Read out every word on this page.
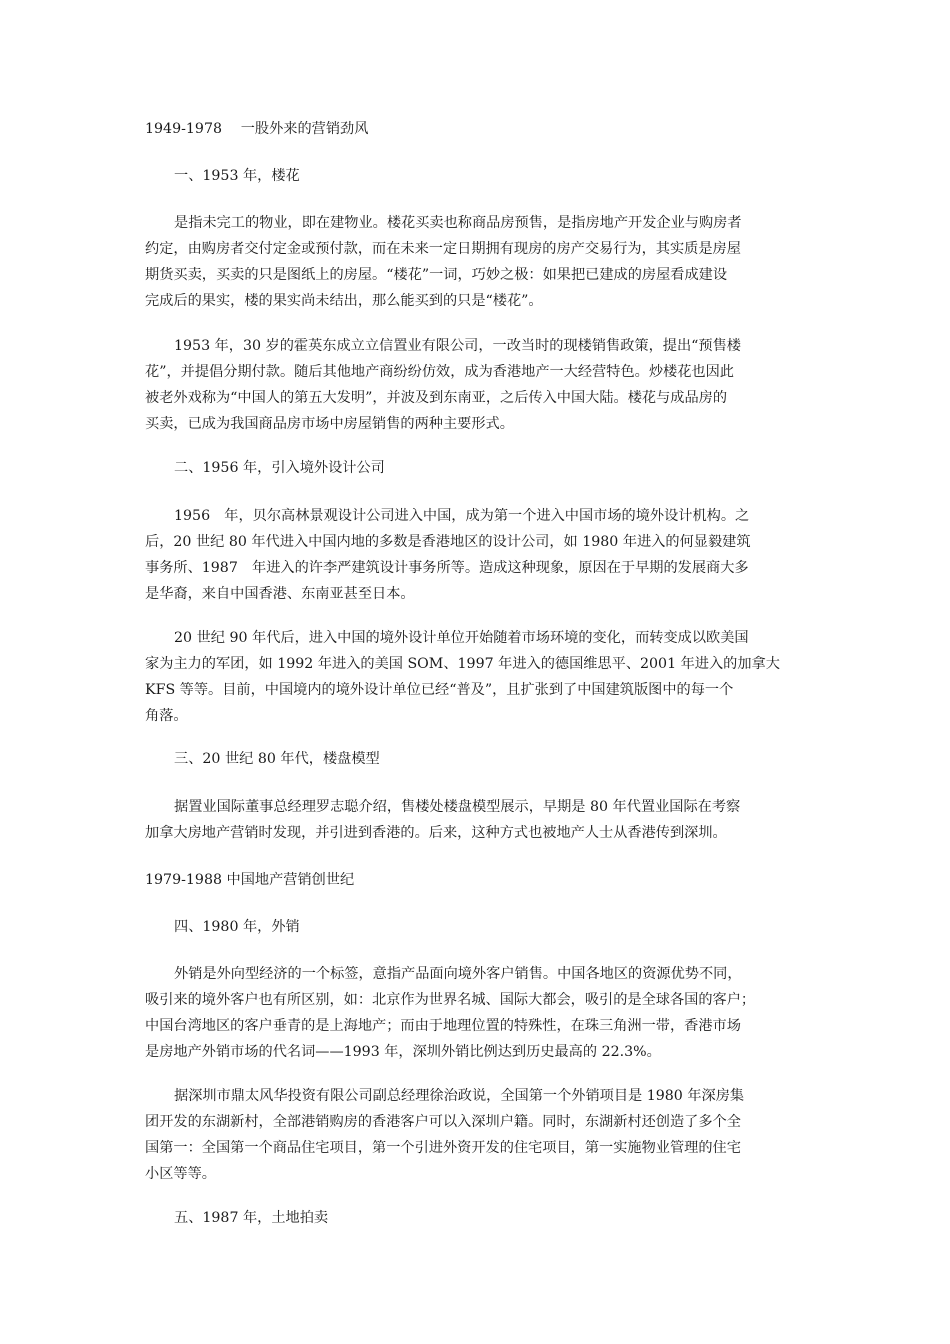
1949-1978　 一股外来的营销劲风

一、1953 年，楼花

是指未完工的物业，即在建物业。楼花买卖也称商品房预售，是指房地产开发企业与购房者
约定，由购房者交付定金或预付款，而在未来一定日期拥有现房的房产交易行为，其实质是房屋
期货买卖，买卖的只是图纸上的房屋。“楼花”一词，巧妙之极：如果把已建成的房屋看成建设
完成后的果实，楼的果实尚未结出，那么能买到的只是“楼花”。

1953 年，30 岁的霍英东成立立信置业有限公司，一改当时的现楼销售政策，提出“预售楼
花”，并提倡分期付款。随后其他地产商纷纷仿效，成为香港地产一大经营特色。炒楼花也因此
被老外戏称为“中国人的第五大发明”，并波及到东南亚，之后传入中国大陆。楼花与成品房的
买卖，已成为我国商品房市场中房屋销售的两种主要形式。

二、1956 年，引入境外设计公司

1956　年，贝尔高林景观设计公司进入中国，成为第一个进入中国市场的境外设计机构。之
后，20 世纪 80 年代进入中国内地的多数是香港地区的设计公司，如 1980 年进入的何显毅建筑
事务所、1987　年进入的许李严建筑设计事务所等。造成这种现象，原因在于早期的发展商大多
是华裔，来自中国香港、东南亚甚至日本。

20 世纪 90 年代后，进入中国的境外设计单位开始随着市场环境的变化，而转变成以欧美国
家为主力的军团，如 1992 年进入的美国 SOM、1997 年进入的德国维思平、2001 年进入的加拿大
KFS 等等。目前，中国境内的境外设计单位已经“普及”，且扩张到了中国建筑版图中的每一个
角落。

三、20 世纪 80 年代，楼盘模型

据置业国际董事总经理罗志聪介绍，售楼处楼盘模型展示，早期是 80 年代置业国际在考察
加拿大房地产营销时发现，并引进到香港的。后来，这种方式也被地产人士从香港传到深圳。

1979-1988 中国地产营销创世纪

四、1980 年，外销

外销是外向型经济的一个标签，意指产品面向境外客户销售。中国各地区的资源优势不同，
吸引来的境外客户也有所区别，如：北京作为世界名城、国际大都会，吸引的是全球各国的客户；
中国台湾地区的客户垂青的是上海地产；而由于地理位置的特殊性，在珠三角洲一带，香港市场
是房地产外销市场的代名词——1993 年，深圳外销比例达到历史最高的 22.3%。

据深圳市鼎太风华投资有限公司副总经理徐治政说，全国第一个外销项目是 1980 年深房集
团开发的东湖新村，全部港销购房的香港客户可以入深圳户籍。同时，东湖新村还创造了多个全
国第一：全国第一个商品住宅项目，第一个引进外资开发的住宅项目，第一实施物业管理的住宅
小区等等。

五、1987 年，土地拍卖
